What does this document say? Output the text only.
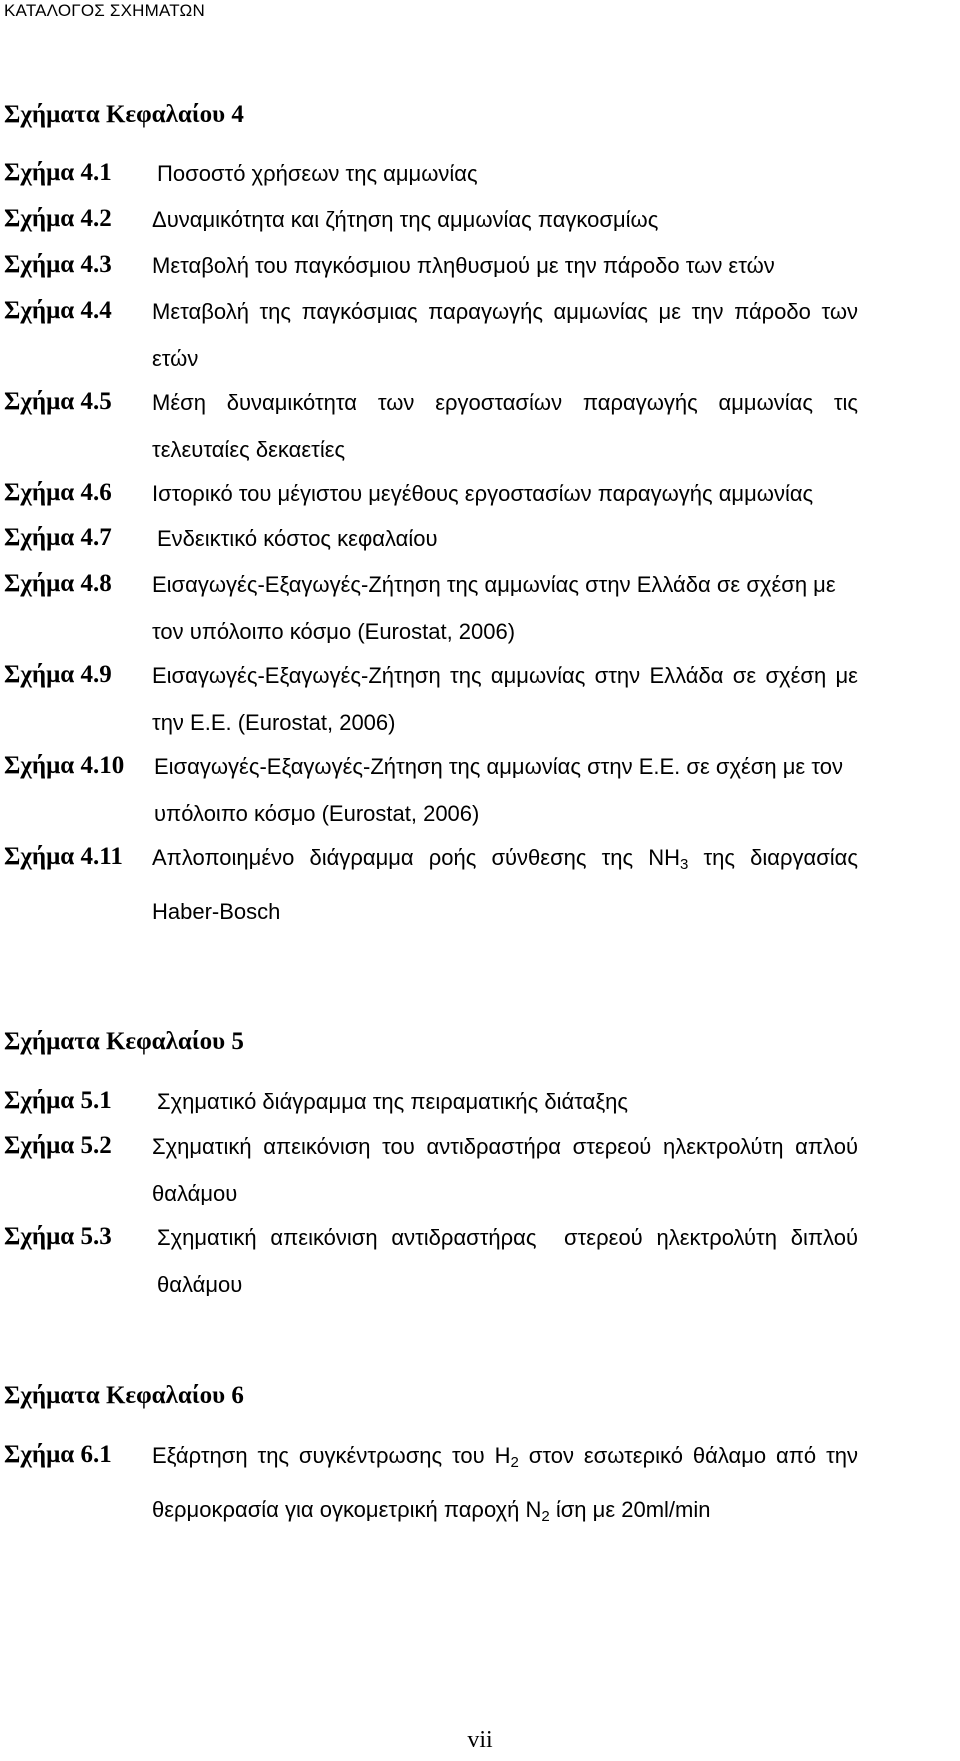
ΚΑΤΑΛΟΓΟΣ ΣΧΗΜΑΤΩΝ
Σχήματα Κεφαλαίου 4
Σχήμα 4.1 Ποσοστό χρήσεων της αμμωνίας
Σχήμα 4.2 Δυναμικότητα και ζήτηση της αμμωνίας παγκοσμίως
Σχήμα 4.3 Μεταβολή του παγκόσμιου πληθυσμού με την πάροδο των ετών
Σχήμα 4.4 Μεταβολή της παγκόσμιας παραγωγής αμμωνίας με την πάροδο των ετών
Σχήμα 4.5 Μέση δυναμικότητα των εργοστασίων παραγωγής αμμωνίας τις τελευταίες δεκαετίες
Σχήμα 4.6 Ιστορικό του μέγιστου μεγέθους εργοστασίων παραγωγής αμμωνίας
Σχήμα 4.7 Ενδεικτικό κόστος κεφαλαίου
Σχήμα 4.8 Εισαγωγές-Εξαγωγές-Ζήτηση της αμμωνίας στην Ελλάδα σε σχέση με τον υπόλοιπο κόσμο (Eurostat, 2006)
Σχήμα 4.9 Εισαγωγές-Εξαγωγές-Ζήτηση της αμμωνίας στην Ελλάδα σε σχέση με την Ε.Ε. (Eurostat, 2006)
Σχήμα 4.10 Εισαγωγές-Εξαγωγές-Ζήτηση της αμμωνίας στην Ε.Ε. σε σχέση με τον υπόλοιπο κόσμο (Eurostat, 2006)
Σχήμα 4.11 Απλοποιημένο διάγραμμα ροής σύνθεσης της $NH_3$ της διαργασίας Haber-Bosch
Σχήματα Κεφαλαίου 5
Σχήμα 5.1 Σχηματικό διάγραμμα της πειραματικής διάταξης
Σχήμα 5.2 Σχηματική απεικόνιση του αντιδραστήρα στερεού ηλεκτρολύτη απλού θαλάμου
Σχήμα 5.3 Σχηματική απεικόνιση αντιδραστήρας  στερεού ηλεκτρολύτη διπλού θαλάμου
Σχήματα Κεφαλαίου 6
Σχήμα 6.1 Εξάρτηση της συγκέντρωσης του $H_2$ στον εσωτερικό θάλαμο από την θερμοκρασία για ογκομετρική παροχή $N_2$ ίση με 20ml/min
vii
